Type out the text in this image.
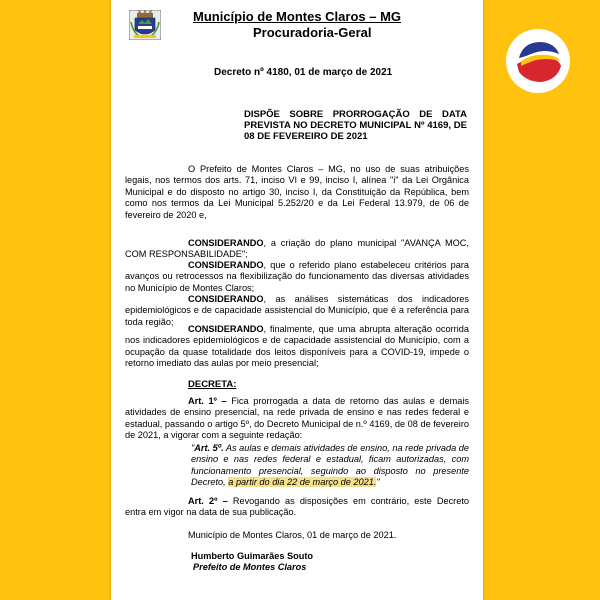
Município de Montes Claros – MG
Procuradoria-Geral
Decreto nº 4180, 01 de março de 2021
DISPÕE SOBRE PRORROGAÇÃO DE DATA PREVISTA NO DECRETO MUNICIPAL Nº 4169, DE 08 DE FEVEREIRO DE 2021
O Prefeito de Montes Claros – MG, no uso de suas atribuições legais, nos termos dos arts. 71, inciso VI e 99, inciso I, alínea "i" da Lei Orgânica Municipal e do disposto no artigo 30, inciso I, da Constituição da República, bem como nos termos da Lei Municipal 5.252/20 e da Lei Federal 13.979, de 06 de fevereiro de 2020 e,
CONSIDERANDO, a criação do plano municipal "AVANÇA MOC, COM RESPONSABILIDADE";
CONSIDERANDO, que o referido plano estabeleceu critérios para avanços ou retrocessos na flexibilização do funcionamento das diversas atividades no Município de Montes Claros;
CONSIDERANDO, as análises sistemáticas dos indicadores epidemiológicos e de capacidade assistencial do Município, que é a referência para toda região;
CONSIDERANDO, finalmente, que uma abrupta alteração ocorrida nos indicadores epidemiológicos e de capacidade assistencial do Município, com a ocupação da quase totalidade dos leitos disponíveis para a COVID-19, impede o retorno imediato das aulas por meio presencial;
DECRETA:
Art. 1º – Fica prorrogada a data de retorno das aulas e demais atividades de ensino presencial, na rede privada de ensino e nas redes federal e estadual, passando o artigo 5º, do Decreto Municipal de n.º 4169, de 08 de fevereiro de 2021, a vigorar com a seguinte redação:
"Art. 5º. As aulas e demais atividades de ensino, na rede privada de ensino e nas redes federal e estadual, ficam autorizadas, com funcionamento presencial, seguindo ao disposto no presente Decreto, a partir do dia 22 de março de 2021."
Art. 2º – Revogando as disposições em contrário, este Decreto entra em vigor na data de sua publicação.
Município de Montes Claros, 01 de março de 2021.
Humberto Guimarães Souto
Prefeito de Montes Claros
